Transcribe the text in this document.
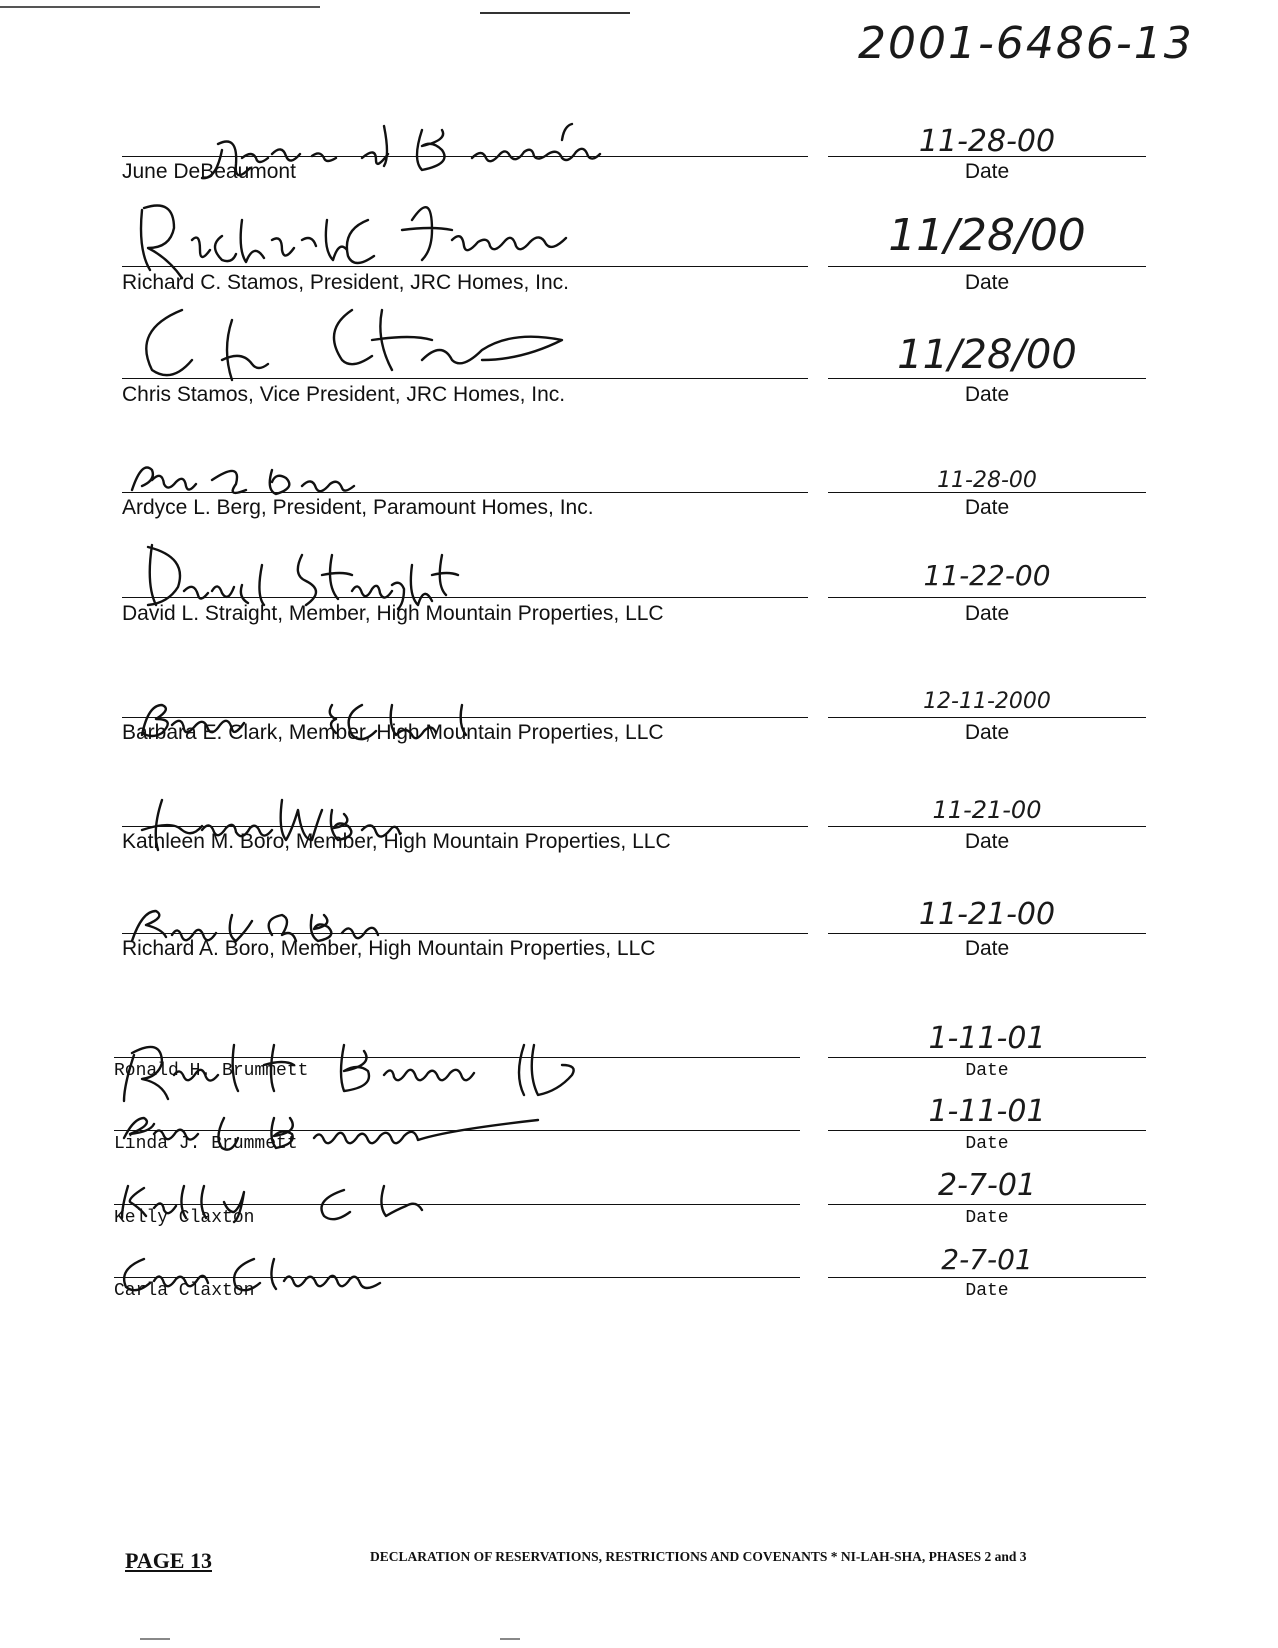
2001-6486-13
June DeBeaumont
11-28-00
Date
Richard C. Stamos, President, JRC Homes, Inc.
11/28/00
Date
Chris Stamos, Vice President, JRC Homes, Inc.
11/28/00
Date
Ardyce L. Berg, President, Paramount Homes, Inc.
11-28-00
Date
David L. Straight, Member, High Mountain Properties, LLC
11-22-00
Date
Barbara E. Clark, Member, High Mountain Properties, LLC
12-11-2000
Date
Kathleen M. Boro, Member, High Mountain Properties, LLC
11-21-00
Date
Richard A. Boro, Member, High Mountain Properties, LLC
11-21-00
Date
Ronald H. Brummett
1-11-01
Date
Linda J. Brummett
1-11-01
Date
Kelly Claxton
2-7-01
Date
Carla Claxton
2-7-01
Date
PAGE 13	DECLARATION OF RESERVATIONS, RESTRICTIONS AND COVENANTS * NI-LAH-SHA, PHASES 2 and 3
